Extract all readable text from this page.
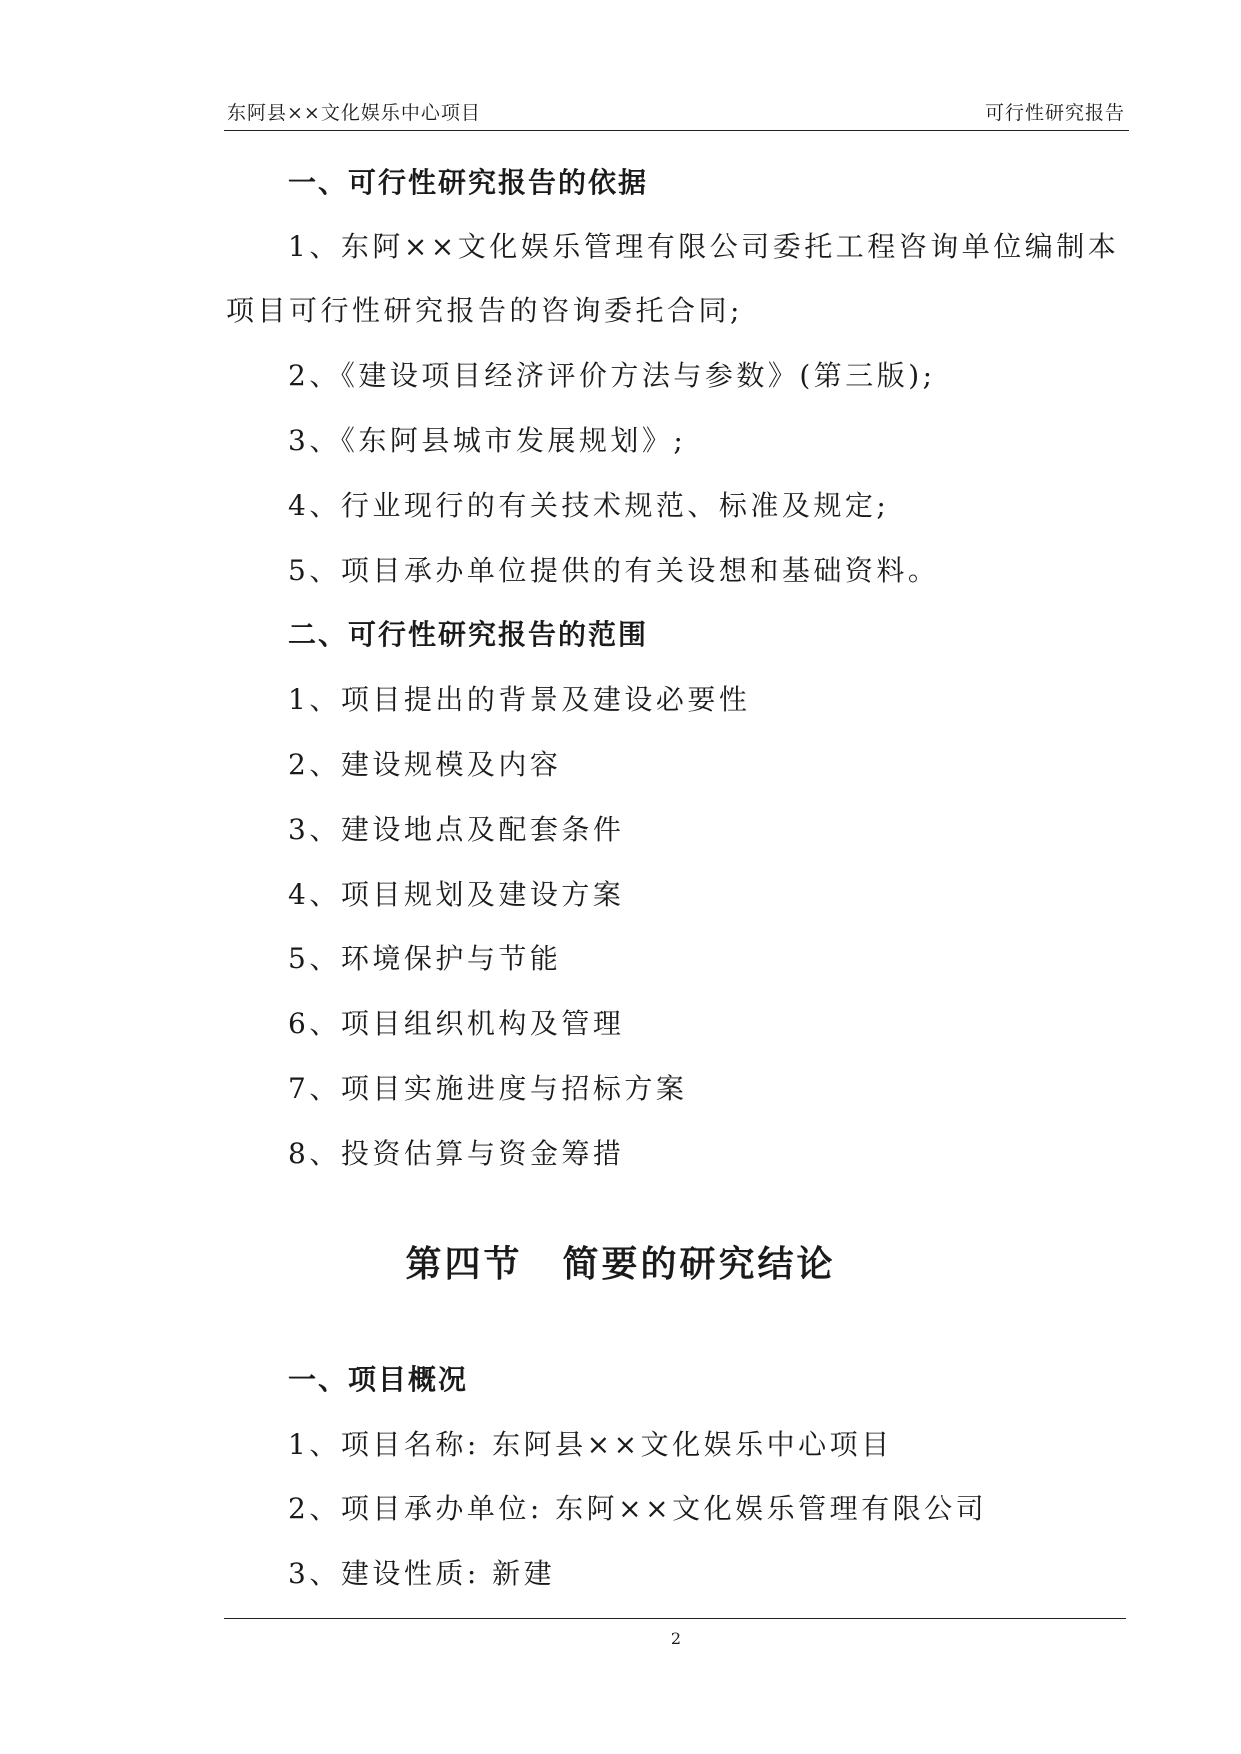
东阿县××文化娱乐中心项目	可行性研究报告
一、可行性研究报告的依据
1、东阿××文化娱乐管理有限公司委托工程咨询单位编制本
项目可行性研究报告的咨询委托合同;
2、《建设项目经济评价方法与参数》(第三版);
3、《东阿县城市发展规划》;
4、行业现行的有关技术规范、标准及规定;
5、项目承办单位提供的有关设想和基础资料。
二、可行性研究报告的范围
1、项目提出的背景及建设必要性
2、建设规模及内容
3、建设地点及配套条件
4、项目规划及建设方案
5、环境保护与节能
6、项目组织机构及管理
7、项目实施进度与招标方案
8、投资估算与资金筹措
第四节 简要的研究结论
一、项目概况
1、项目名称: 东阿县××文化娱乐中心项目
2、项目承办单位: 东阿××文化娱乐管理有限公司
3、建设性质: 新建
2
